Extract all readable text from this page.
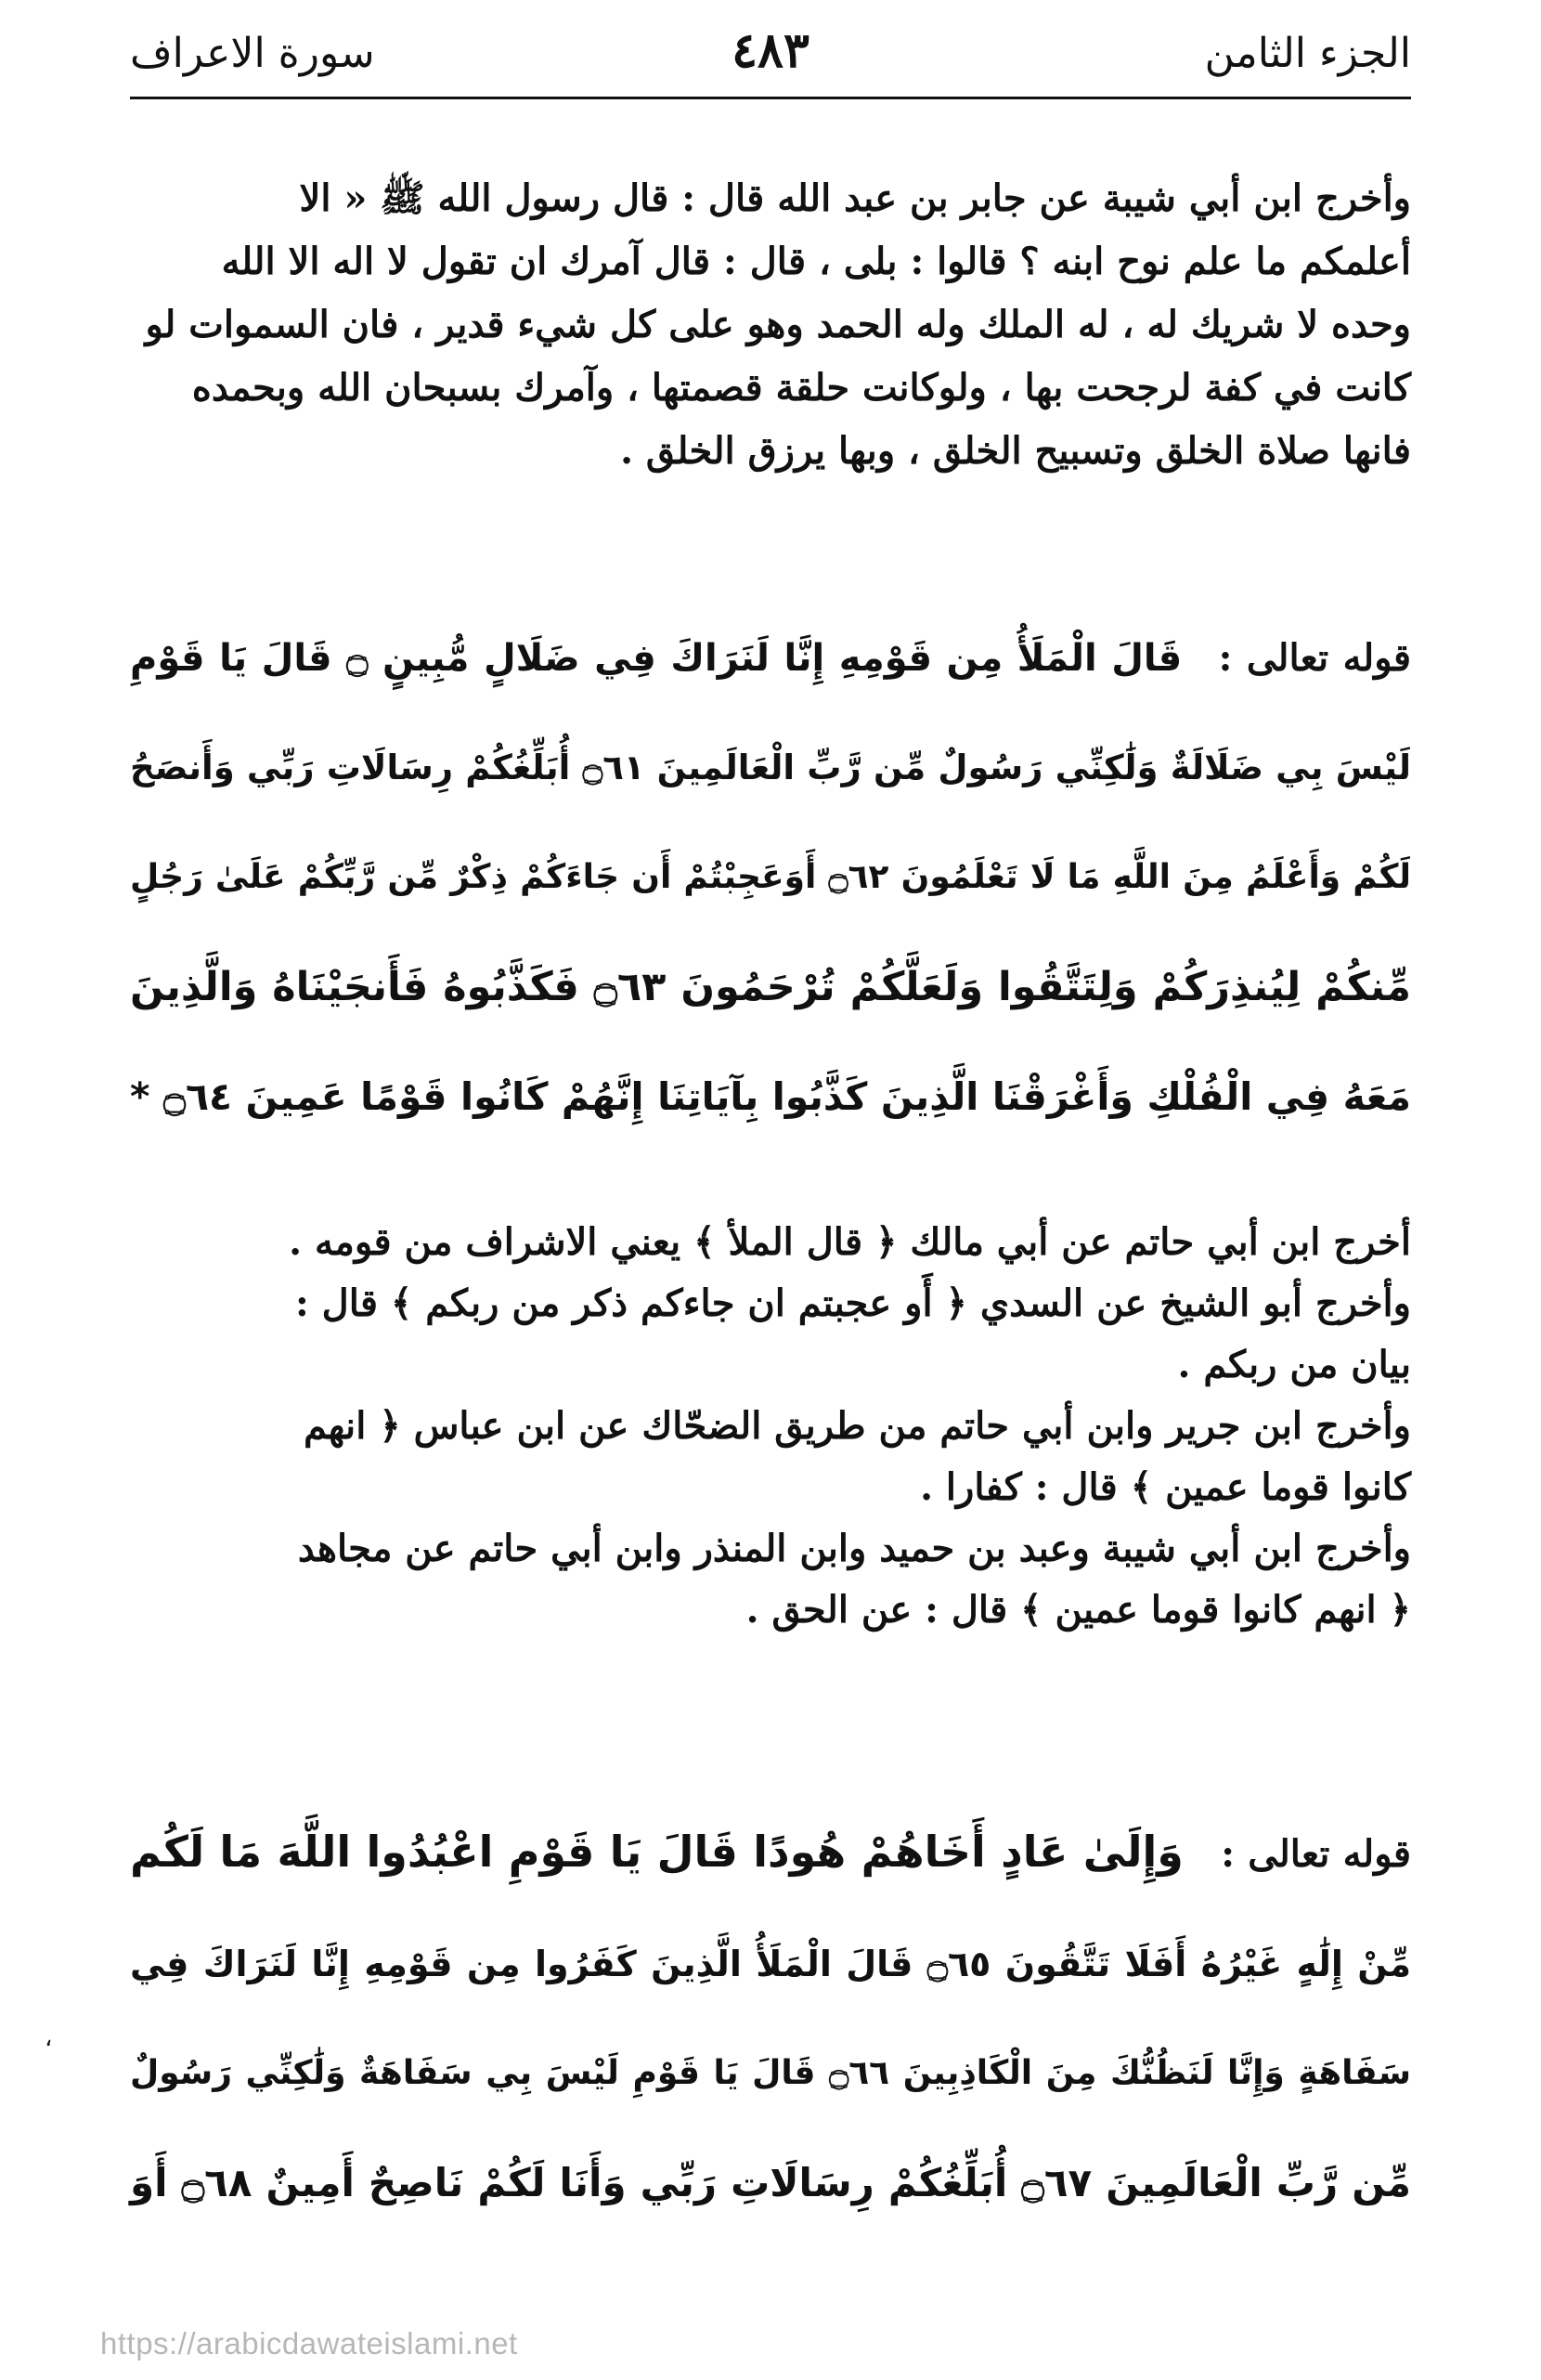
سورة الاعراف	٤٨٣	الجزء الثامن

وأخرج ابن أبي شيبة عن جابر بن عبد الله قال : قال رسول الله ﷺ « الا

أعلمكم ما علم نوح ابنه ؟ قالوا : بلى ، قال : قال آمرك ان تقول لا اله الا الله

وحده لا شريك له ، له الملك وله الحمد وهو على كل شيء قدير ، فان السموات لو

كانت في كفة لرجحت بها ، ولوكانت حلقة قصمتها ، وآمرك بسبحان الله وبحمده

فانها صلاة الخلق وتسبيح الخلق ، وبها يرزق الخلق .

قوله تعالى : قَالَ الْمَلَأُ مِن قَوْمِهِ إِنَّا لَنَرَاكَ فِي ضَلَالٍ مُّبِينٍ ۝ قَالَ يَا قَوْمِ
لَيْسَ بِي ضَلَالَةٌ وَلَٰكِنِّي رَسُولٌ مِّن رَّبِّ الْعَالَمِينَ ۝٦١ أُبَلِّغُكُمْ رِسَالَاتِ رَبِّي وَأَنصَحُ
لَكُمْ وَأَعْلَمُ مِنَ اللَّهِ مَا لَا تَعْلَمُونَ ۝٦٢ أَوَعَجِبْتُمْ أَن جَاءَكُمْ ذِكْرٌ مِّن رَّبِّكُمْ عَلَىٰ رَجُلٍ
مِّنكُمْ لِيُنذِرَكُمْ وَلِتَتَّقُوا وَلَعَلَّكُمْ تُرْحَمُونَ ۝٦٣ فَكَذَّبُوهُ فَأَنجَيْنَاهُ وَالَّذِينَ
مَعَهُ فِي الْفُلْكِ وَأَغْرَقْنَا الَّذِينَ كَذَّبُوا بِآيَاتِنَا إِنَّهُمْ كَانُوا قَوْمًا عَمِينَ ۝٦٤ *

أخرج ابن أبي حاتم عن أبي مالك ﴿ قال الملأ ﴾ يعني الاشراف من قومه .

وأخرج أبو الشيخ عن السدي ﴿ أَو عجبتم ان جاءكم ذكر من ربكم ﴾ قال :

بيان من ربكم .

وأخرج ابن جرير وابن أبي حاتم من طريق الضحّاك عن ابن عباس ﴿ انهم

كانوا قوما عمين ﴾ قال : كفارا .

وأخرج ابن أبي شيبة وعبد بن حميد وابن المنذر وابن أبي حاتم عن مجاهد

﴿ انهم كانوا قوما عمين ﴾ قال : عن الحق .

قوله تعالى : وَإِلَىٰ عَادٍ أَخَاهُمْ هُودًا قَالَ يَا قَوْمِ اعْبُدُوا اللَّهَ مَا لَكُم
مِّنْ إِلَٰهٍ غَيْرُهُ أَفَلَا تَتَّقُونَ ۝٦٥ قَالَ الْمَلَأُ الَّذِينَ كَفَرُوا مِن قَوْمِهِ إِنَّا لَنَرَاكَ فِي
سَفَاهَةٍ وَإِنَّا لَنَظُنُّكَ مِنَ الْكَاذِبِينَ ۝٦٦ قَالَ يَا قَوْمِ لَيْسَ بِي سَفَاهَةٌ وَلَٰكِنِّي رَسُولٌ
مِّن رَّبِّ الْعَالَمِينَ ۝٦٧ أُبَلِّغُكُمْ رِسَالَاتِ رَبِّي وَأَنَا لَكُمْ نَاصِحٌ أَمِينٌ ۝٦٨ أَوَ
،
https://arabicdawateislami.net
